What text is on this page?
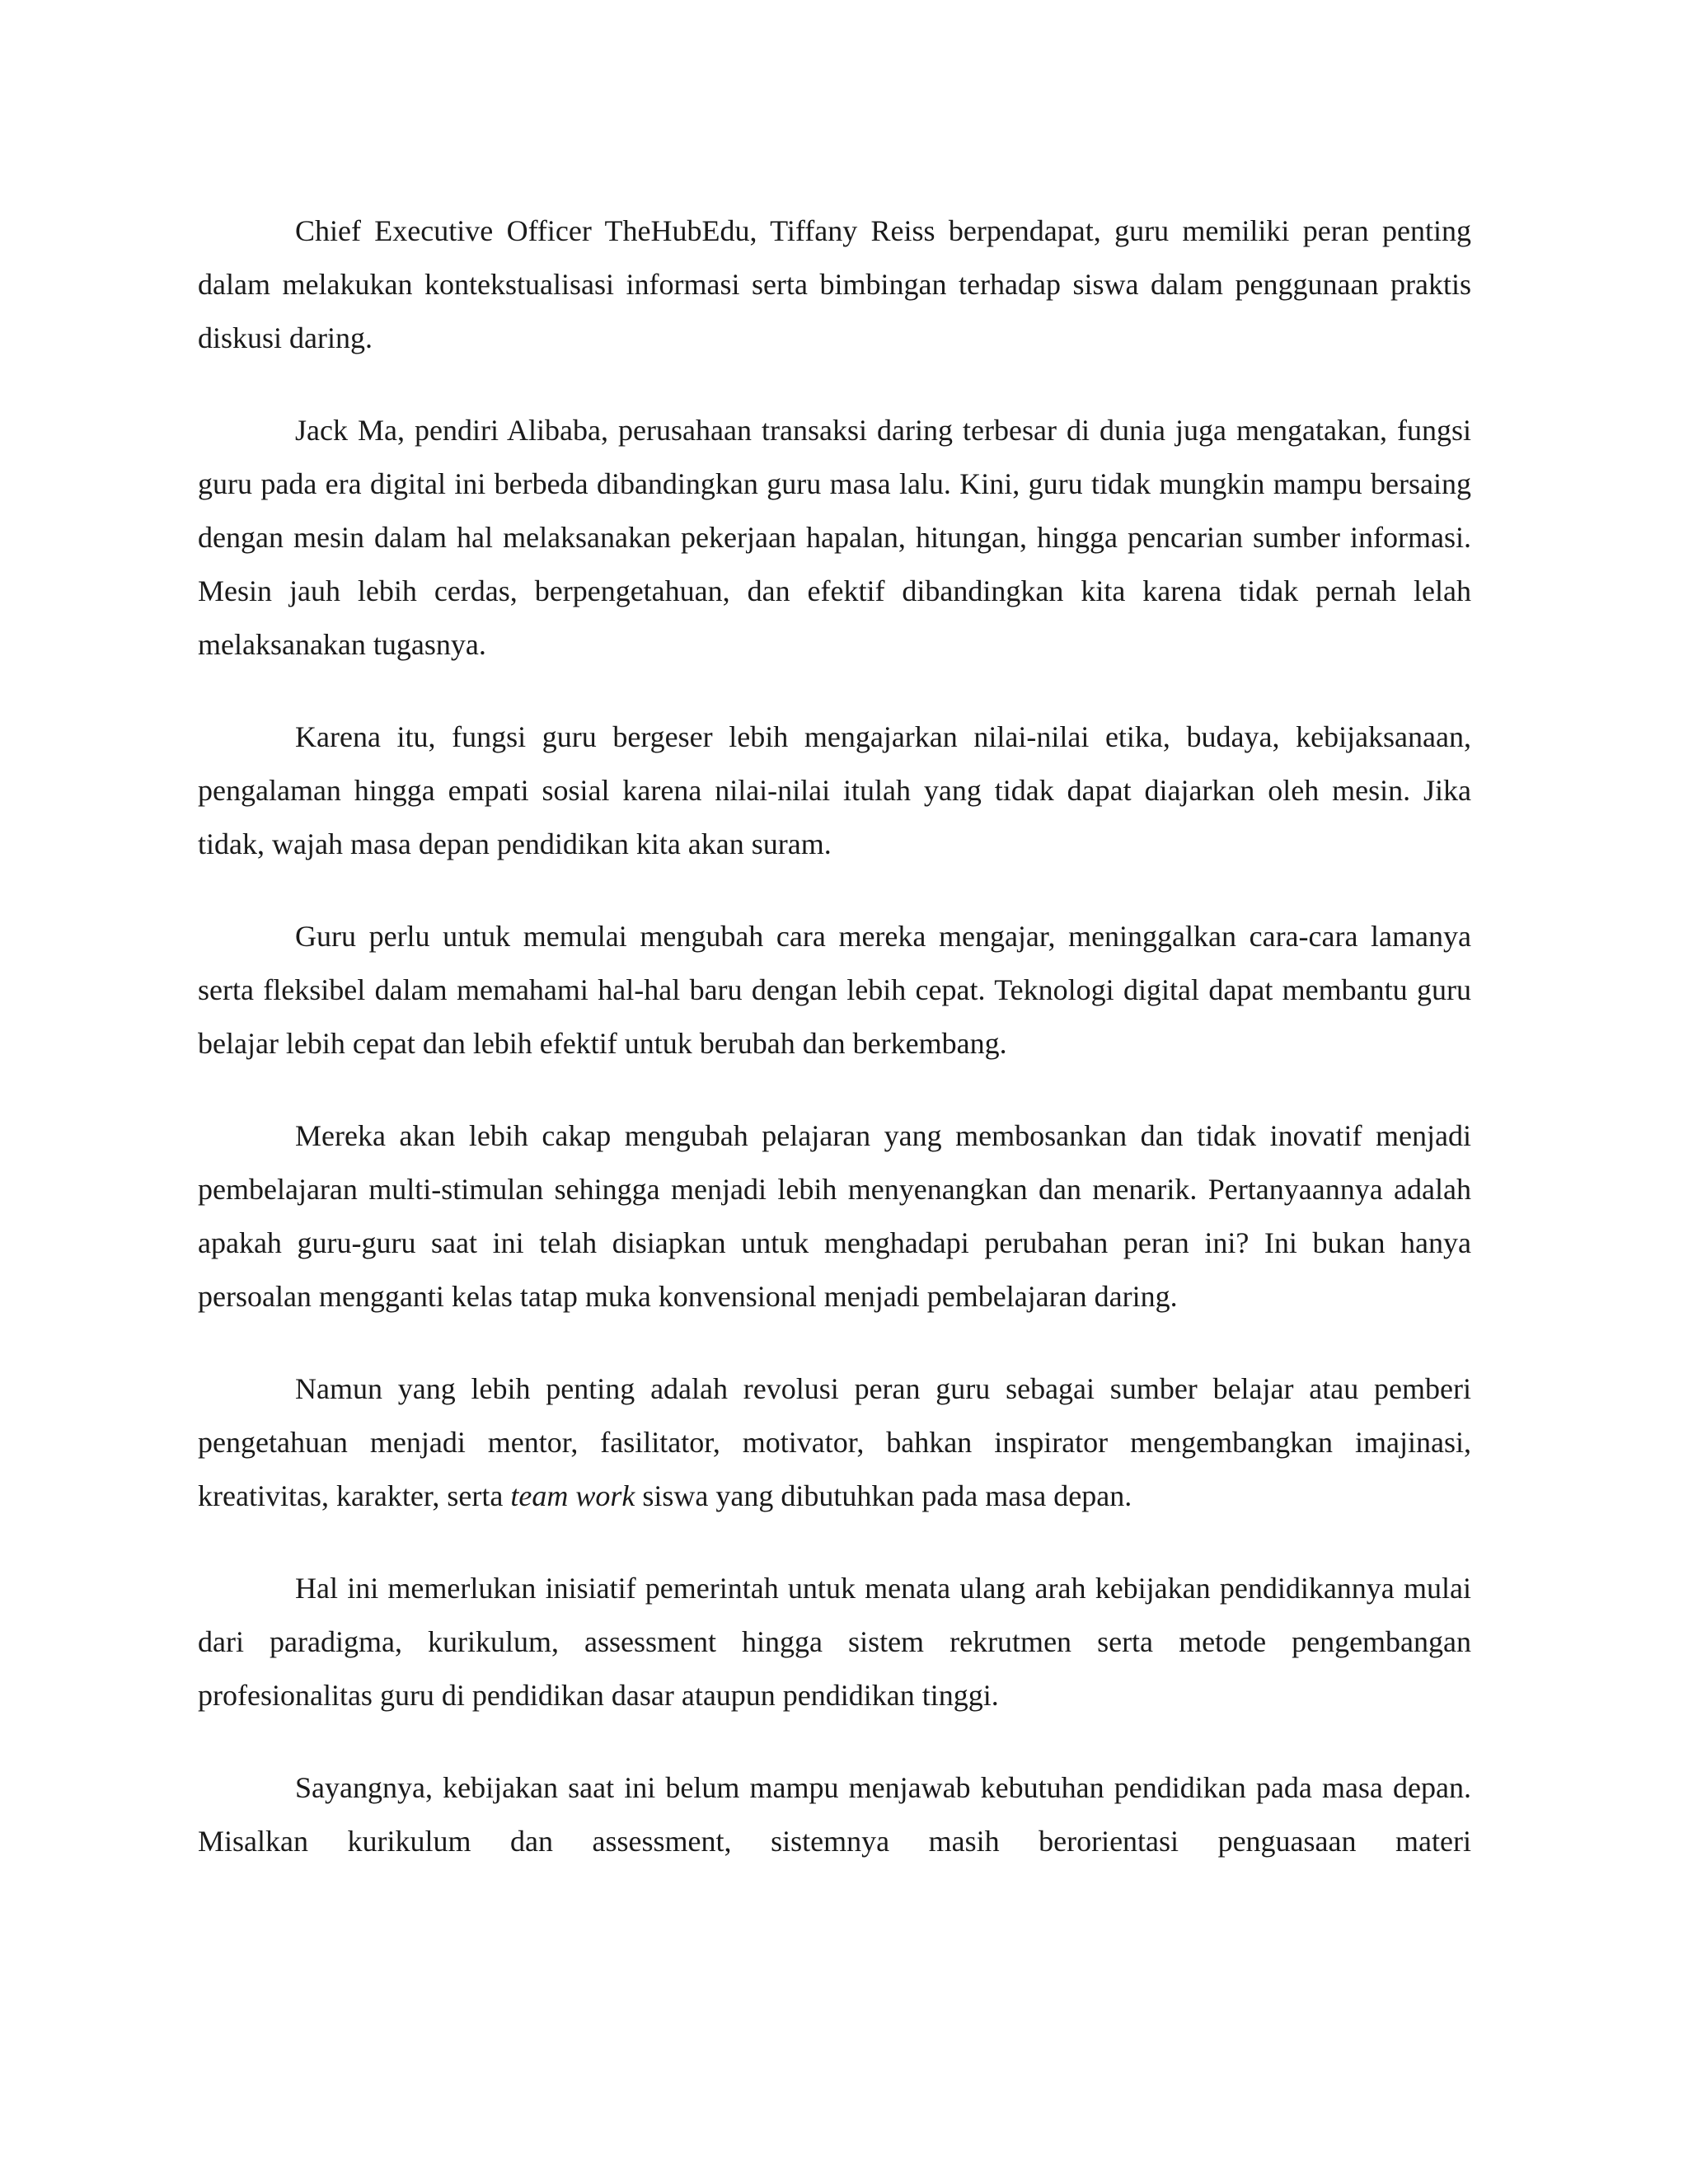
Chief Executive Officer TheHubEdu, Tiffany Reiss berpendapat, guru memiliki peran penting dalam melakukan kontekstualisasi informasi serta bimbingan terhadap siswa dalam penggunaan praktis diskusi daring.

Jack Ma, pendiri Alibaba, perusahaan transaksi daring terbesar di dunia juga mengatakan, fungsi guru pada era digital ini berbeda dibandingkan guru masa lalu. Kini, guru tidak mungkin mampu bersaing dengan mesin dalam hal melaksanakan pekerjaan hapalan, hitungan, hingga pencarian sumber informasi. Mesin jauh lebih cerdas, berpengetahuan, dan efektif dibandingkan kita karena tidak pernah lelah melaksanakan tugasnya.

Karena itu, fungsi guru bergeser lebih mengajarkan nilai-nilai etika, budaya, kebijaksanaan, pengalaman hingga empati sosial karena nilai-nilai itulah yang tidak dapat diajarkan oleh mesin. Jika tidak, wajah masa depan pendidikan kita akan suram.

Guru perlu untuk memulai mengubah cara mereka mengajar, meninggalkan cara-cara lamanya serta fleksibel dalam memahami hal-hal baru dengan lebih cepat. Teknologi digital dapat membantu guru belajar lebih cepat dan lebih efektif untuk berubah dan berkembang.

Mereka akan lebih cakap mengubah pelajaran yang membosankan dan tidak inovatif menjadi pembelajaran multi-stimulan sehingga menjadi lebih menyenangkan dan menarik. Pertanyaannya adalah apakah guru-guru saat ini telah disiapkan untuk menghadapi perubahan peran ini? Ini bukan hanya persoalan mengganti kelas tatap muka konvensional menjadi pembelajaran daring.

Namun yang lebih penting adalah revolusi peran guru sebagai sumber belajar atau pemberi pengetahuan menjadi mentor, fasilitator, motivator, bahkan inspirator mengembangkan imajinasi, kreativitas, karakter, serta team work siswa yang dibutuhkan pada masa depan.

Hal ini memerlukan inisiatif pemerintah untuk menata ulang arah kebijakan pendidikannya mulai dari paradigma, kurikulum, assessment hingga sistem rekrutmen serta metode pengembangan profesionalitas guru di pendidikan dasar ataupun pendidikan tinggi.

Sayangnya, kebijakan saat ini belum mampu menjawab kebutuhan pendidikan pada masa depan. Misalkan kurikulum dan assessment, sistemnya masih berorientasi penguasaan materi
